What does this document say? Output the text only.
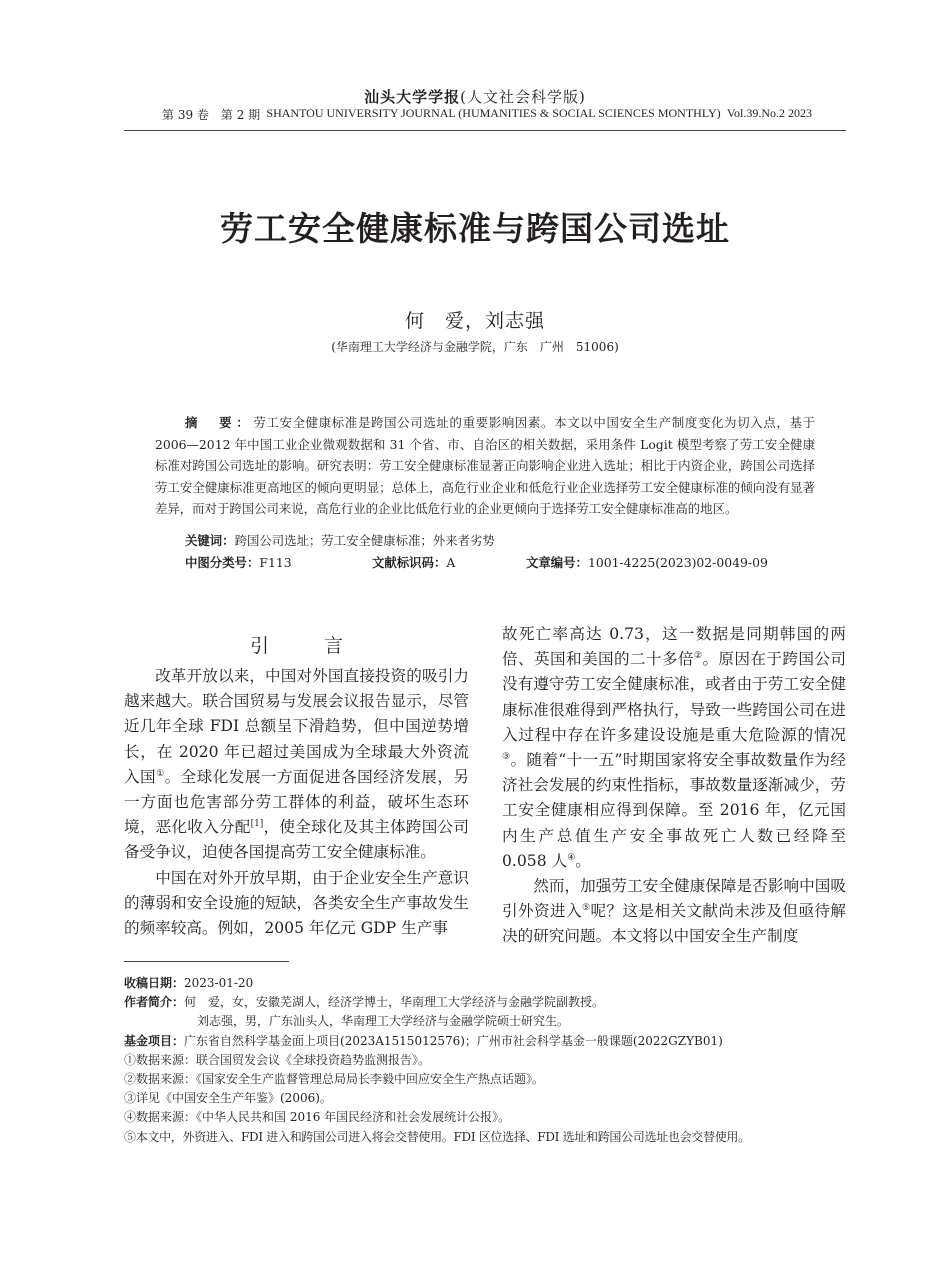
汕头大学学报(人文社会科学版)
第 39 卷　第 2 期 SHANTOU UNIVERSITY JOURNAL (HUMANITIES & SOCIAL SCIENCES MONTHLY) Vol.39.No.2 2023
劳工安全健康标准与跨国公司选址
何　爱，刘志强
(华南理工大学经济与金融学院，广东　广州　51006)
摘　要：劳工安全健康标准是跨国公司选址的重要影响因素。本文以中国安全生产制度变化为切入点，基于 2006—2012 年中国工业企业微观数据和 31 个省、市、自治区的相关数据，采用条件 Logit 模型考察了劳工安全健康标准对跨国公司选址的影响。研究表明：劳工安全健康标准显著正向影响企业进入选址；相比于内资企业，跨国公司选择劳工安全健康标准更高地区的倾向更明显；总体上，高危行业企业和低危行业企业选择劳工安全健康标准的倾向没有显著差异，而对于跨国公司来说，高危行业的企业比低危行业的企业更倾向于选择劳工安全健康标准高的地区。
关键词：跨国公司选址；劳工安全健康标准；外来者劣势
中图分类号：F113	文献标识码：A	文章编号：1001-4225(2023)02-0049-09
引　言

改革开放以来，中国对外国直接投资的吸引力越来越大。联合国贸易与发展会议报告显示，尽管近几年全球 FDI 总额呈下滑趋势，但中国逆势增长，在 2020 年已超过美国成为全球最大外资流入国①。全球化发展一方面促进各国经济发展，另一方面也危害部分劳工群体的利益，破坏生态环境，恶化收入分配[1]，使全球化及其主体跨国公司备受争议，迫使各国提高劳工安全健康标准。

中国在对外开放早期，由于企业安全生产意识的薄弱和安全设施的短缺，各类安全生产事故发生的频率较高。例如，2005 年亿元 GDP 生产事

故死亡率高达 0.73，这一数据是同期韩国的两倍、英国和美国的二十多倍②。原因在于跨国公司没有遵守劳工安全健康标准，或者由于劳工安全健康标准很难得到严格执行，导致一些跨国公司在进入过程中存在许多建设设施是重大危险源的情况③。随着“十一五”时期国家将安全事故数量作为经济社会发展的约束性指标，事故数量逐渐减少，劳工安全健康相应得到保障。至 2016 年，亿元国内生产总值生产安全事故死亡人数已经降至 0.058 人④。

然而，加强劳工安全健康保障是否影响中国吸引外资进入⑤呢？这是相关文献尚未涉及但亟待解决的研究问题。本文将以中国安全生产制度

收稿日期：2023-01-20
作者简介：何　爱，女，安徽芜湖人，经济学博士，华南理工大学经济与金融学院副教授。
刘志强，男，广东汕头人，华南理工大学经济与金融学院硕士研究生。
基金项目：广东省自然科学基金面上项目(2023A1515012576)；广州市社会科学基金一般课题(2022GZYB01)
①数据来源：联合国贸发会议《全球投资趋势监测报告》。
②数据来源：《国家安全生产监督管理总局局长李毅中回应安全生产热点话题》。
③详见《中国安全生产年鉴》(2006)。
④数据来源：《中华人民共和国 2016 年国民经济和社会发展统计公报》。
⑤本文中，外资进入、FDI 进入和跨国公司进入将会交替使用。FDI 区位选择、FDI 选址和跨国公司选址也会交替使用。
